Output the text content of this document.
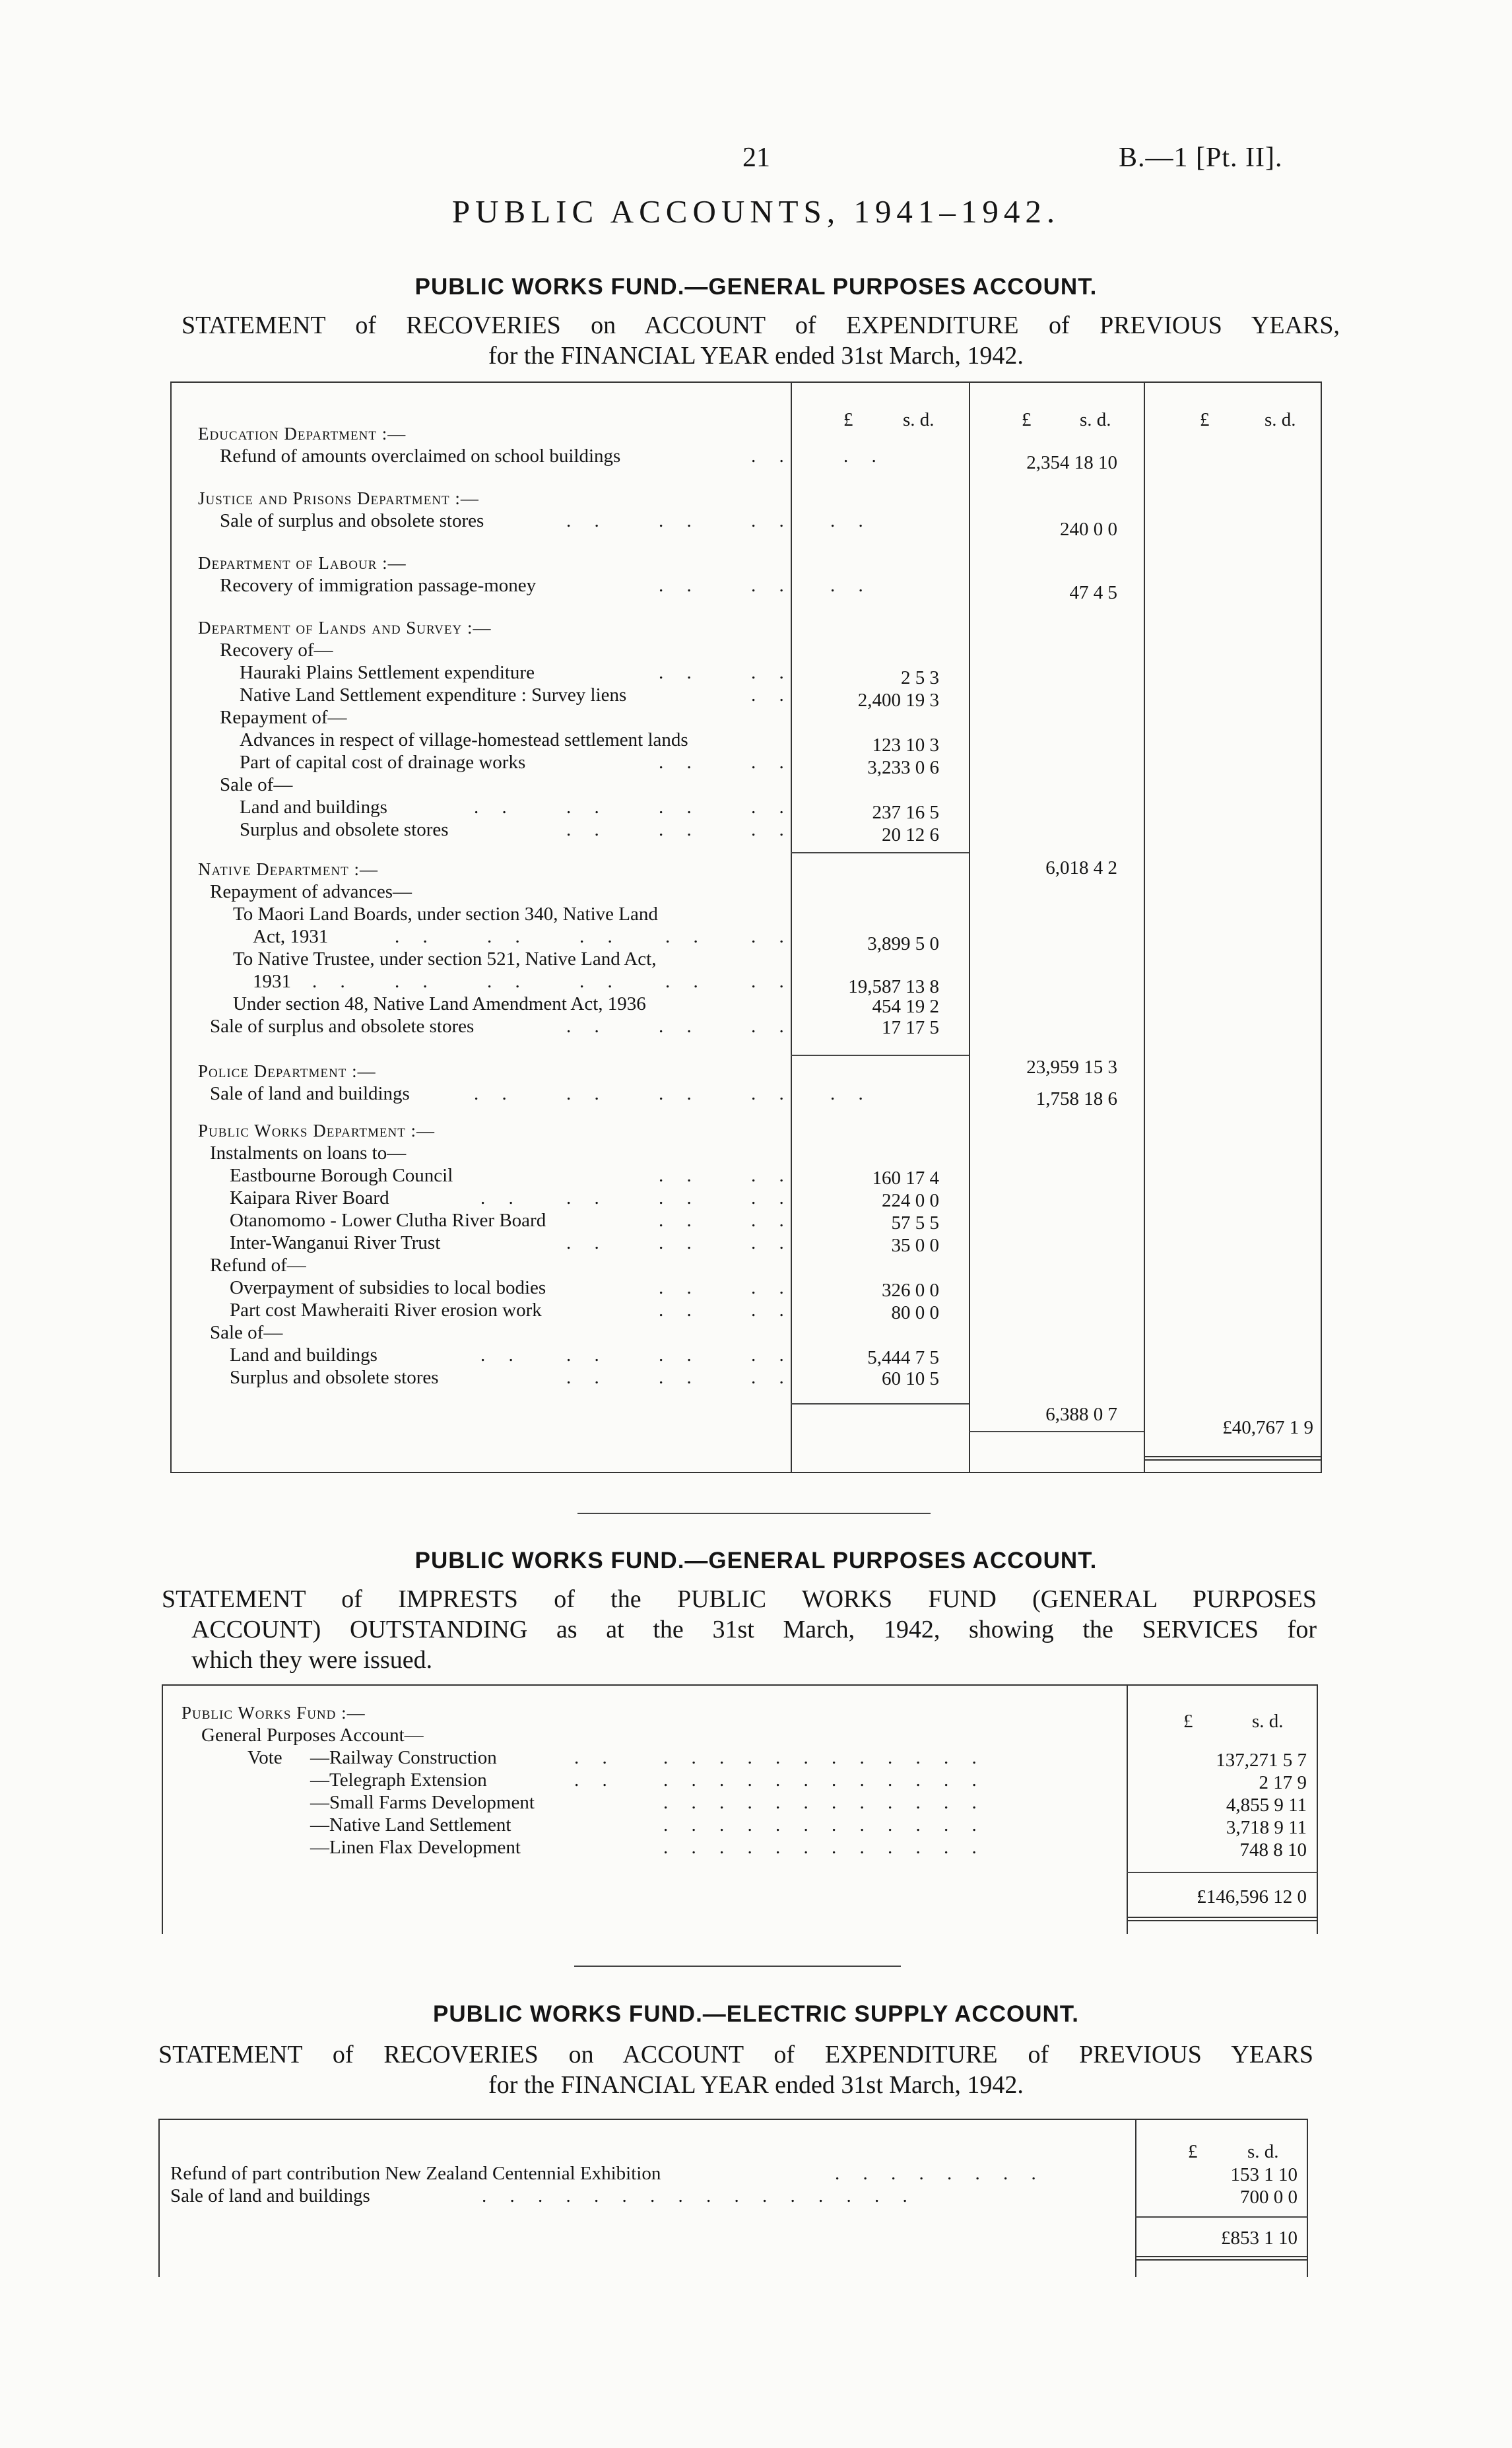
21	B.—1 [Pt. II].
PUBLIC ACCOUNTS, 1941–1942.
PUBLIC WORKS FUND.—GENERAL PURPOSES ACCOUNT.
STATEMENT of RECOVERIES on ACCOUNT of EXPENDITURE of PREVIOUS YEARS,
for the FINANCIAL YEAR ended 31st March, 1942.
£	s. d.	£	s. d.	£	s. d.
Education Department :—
Refund of amounts overclaimed on school buildings	. .	. .	2,354 18 10
Justice and Prisons Department :—
Sale of surplus and obsolete stores	. .	. .	. . . .	240 0 0
Department of Labour :—
Recovery of immigration passage-money	. .	. . . .	47 4 5
Department of Lands and Survey :—
Recovery of—
Hauraki Plains Settlement expenditure	. .	. .	2 5 3
Native Land Settlement expenditure : Survey liens	. .	2,400 19 3
Repayment of—
Advances in respect of village-homestead settlement lands	123 10 3
Part of capital cost of drainage works	. .	. .	3,233 0 6
Sale of—
Land and buildings	. .	. .	. .	. .	237 16 5
Surplus and obsolete stores	. .	. .	. .	20 12 6
6,018 4 2
Native Department :—
Repayment of advances—
To Maori Land Boards, under section 340, Native Land
Act, 1931	. .	. .	. . . . . .	3,899 5 0
To Native Trustee, under section 521, Native Land Act,
1931 . . . .	. .	. . . . . .	19,587 13 8
Under section 48, Native Land Amendment Act, 1936	454 19 2
Sale of surplus and obsolete stores	. .	. .	. .	17 17 5
23,959 15 3
Police Department :—
Sale of land and buildings	. .	. .	. .	. . . .	1,758 18 6
Public Works Department :—
Instalments on loans to—
Eastbourne Borough Council	. .	. .	160 17 4
Kaipara River Board	. . . .	. .	. .	224 0 0
Otanomomo - Lower Clutha River Board	. .	. .	57 5 5
Inter-Wanganui River Trust	. .	. .	. .	35 0 0
Refund of—
Overpayment of subsidies to local bodies	. .	. .	326 0 0
Part cost Mawheraiti River erosion work	. .	. .	80 0 0
Sale of—
Land and buildings	. . . .	. .	. .	5,444 7 5
Surplus and obsolete stores	. .	. .	. .	60 10 5
6,388 0 7
£40,767 1 9
PUBLIC WORKS FUND.—GENERAL PURPOSES ACCOUNT.
STATEMENT of IMPRESTS of the PUBLIC WORKS FUND (GENERAL PURPOSES
ACCOUNT) OUTSTANDING as at the 31st March, 1942, showing the SERVICES for
which they were issued.
£	s. d.
Public Works Fund :—
General Purposes Account—
Vote —Railway Construction	. . . . . . . . . . . . . .	137,271 5 7
—Telegraph Extension	. . . . . . . . . . . . . .	2 17 9
—Small Farms Development	. . . . . . . . . . . .	4,855 9 11
—Native Land Settlement	. . . . . . . . . . . .	3,718 9 11
—Linen Flax Development	. . . . . . . . . . . .	748 8 10
£146,596 12 0
PUBLIC WORKS FUND.—ELECTRIC SUPPLY ACCOUNT.
STATEMENT of RECOVERIES on ACCOUNT of EXPENDITURE of PREVIOUS YEARS
for the FINANCIAL YEAR ended 31st March, 1942.
£	s. d.
Refund of part contribution New Zealand Centennial Exhibition	. . . . . . . .	153 1 10
Sale of land and buildings	. . . . . . . . . . . . . . . .	700 0 0
£853 1 10
